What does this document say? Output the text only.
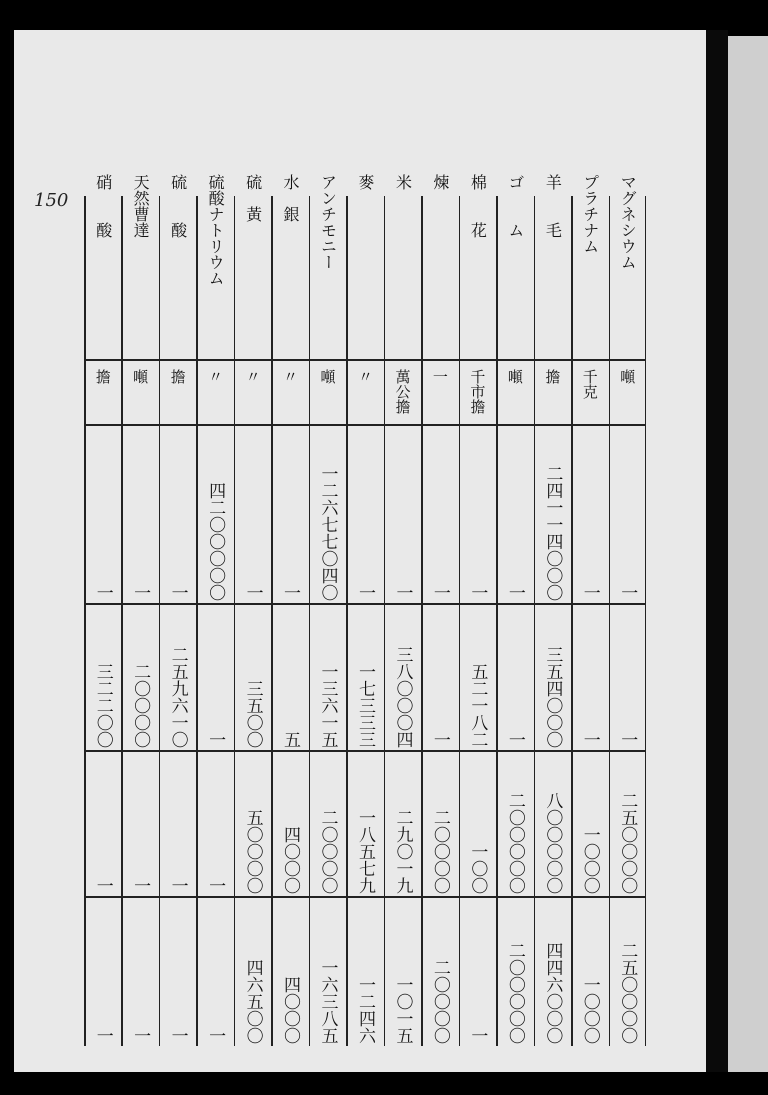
150	マグネシウム
噸
一
一
二五〇〇〇〇
二五〇〇〇〇
プラチナム
千克
一
一
一〇〇〇
一〇〇〇
羊　　毛
擔
二四一一四〇〇〇
三五四〇〇〇
八〇〇〇〇〇
四四六〇〇〇
ゴ　　ム
噸
一
一
二〇〇〇〇〇
二〇〇〇〇〇
棉　　花
千市擔
一
五二一八二
一〇〇
一
煉
一
一
一
二〇〇〇〇
二〇〇〇〇
米
萬公擔
一
三八〇〇〇四
二九〇一九
一〇一五
麥
〃
一
一七三三三
一八五七九
一二四六
アンチモニー
噸
一二六七七〇四〇
一三六一五
二〇〇〇〇
一六三八五
水　銀
〃
一
五
四〇〇〇
四〇〇〇
硫　黃
〃
一
三五〇〇
五〇〇〇〇
四六五〇〇
硫酸ナトリウム
〃
四二〇〇〇〇〇
一
一
一
硫　　酸
擔
一
二五九六一〇
一
一
天然曹達
噸
一
二〇〇〇〇
一
一
硝　　酸
擔
一
三二二〇〇
一
一
